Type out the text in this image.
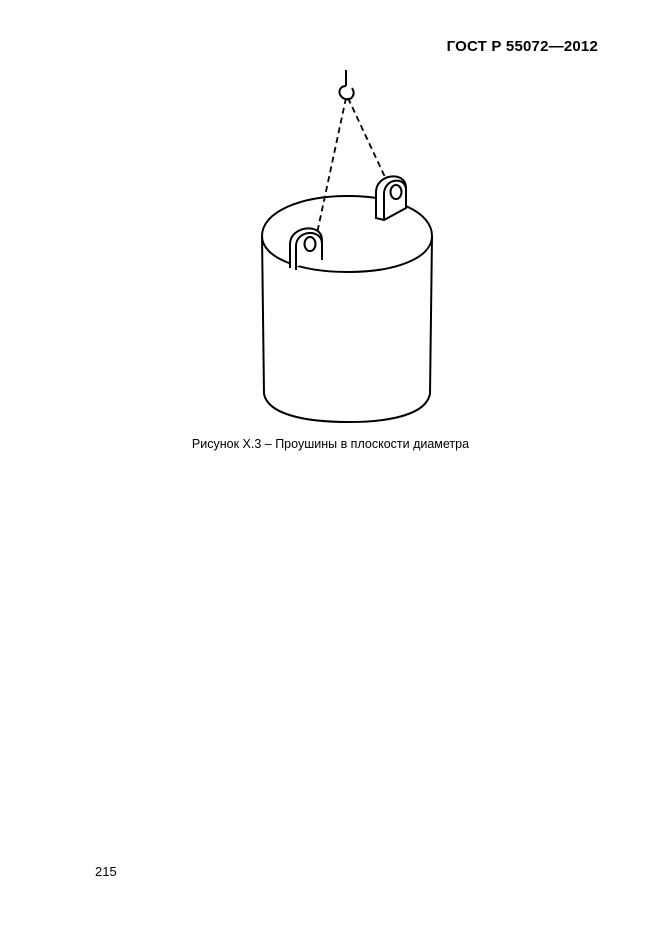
ГОСТ Р 55072—2012
Рисунок Х.3 – Проушины в плоскости диаметра
215
